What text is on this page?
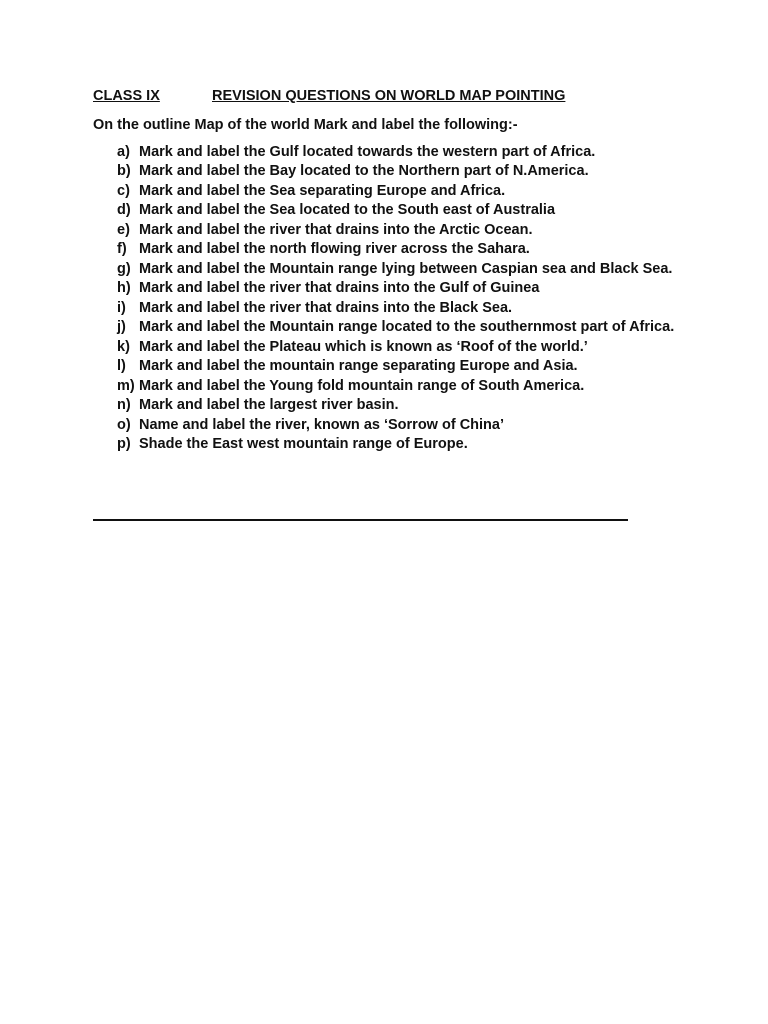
CLASS IX	REVISION QUESTIONS ON WORLD MAP POINTING
On the outline Map of the world Mark and label the following:-
a) Mark and label the Gulf located towards the western part of Africa.
b) Mark and label the Bay located to the Northern part of N.America.
c) Mark and label the Sea separating Europe and Africa.
d) Mark and label the Sea located to the South east of Australia
e) Mark and label the river that drains into the Arctic Ocean.
f) Mark and label the north flowing river across the Sahara.
g) Mark and label the Mountain range lying between Caspian sea and Black Sea.
h) Mark and label the river that drains into the Gulf of Guinea
i) Mark and label the river that drains into the Black Sea.
j) Mark and label the Mountain range located to the southernmost part of Africa.
k) Mark and label the Plateau which is known as ‘Roof of the world.’
l) Mark and label the mountain range separating Europe and Asia.
m) Mark and label the Young fold mountain range of South America.
n) Mark and label the largest river basin.
o) Name and label the river, known as ‘Sorrow of China’
p) Shade the East west mountain range of Europe.
